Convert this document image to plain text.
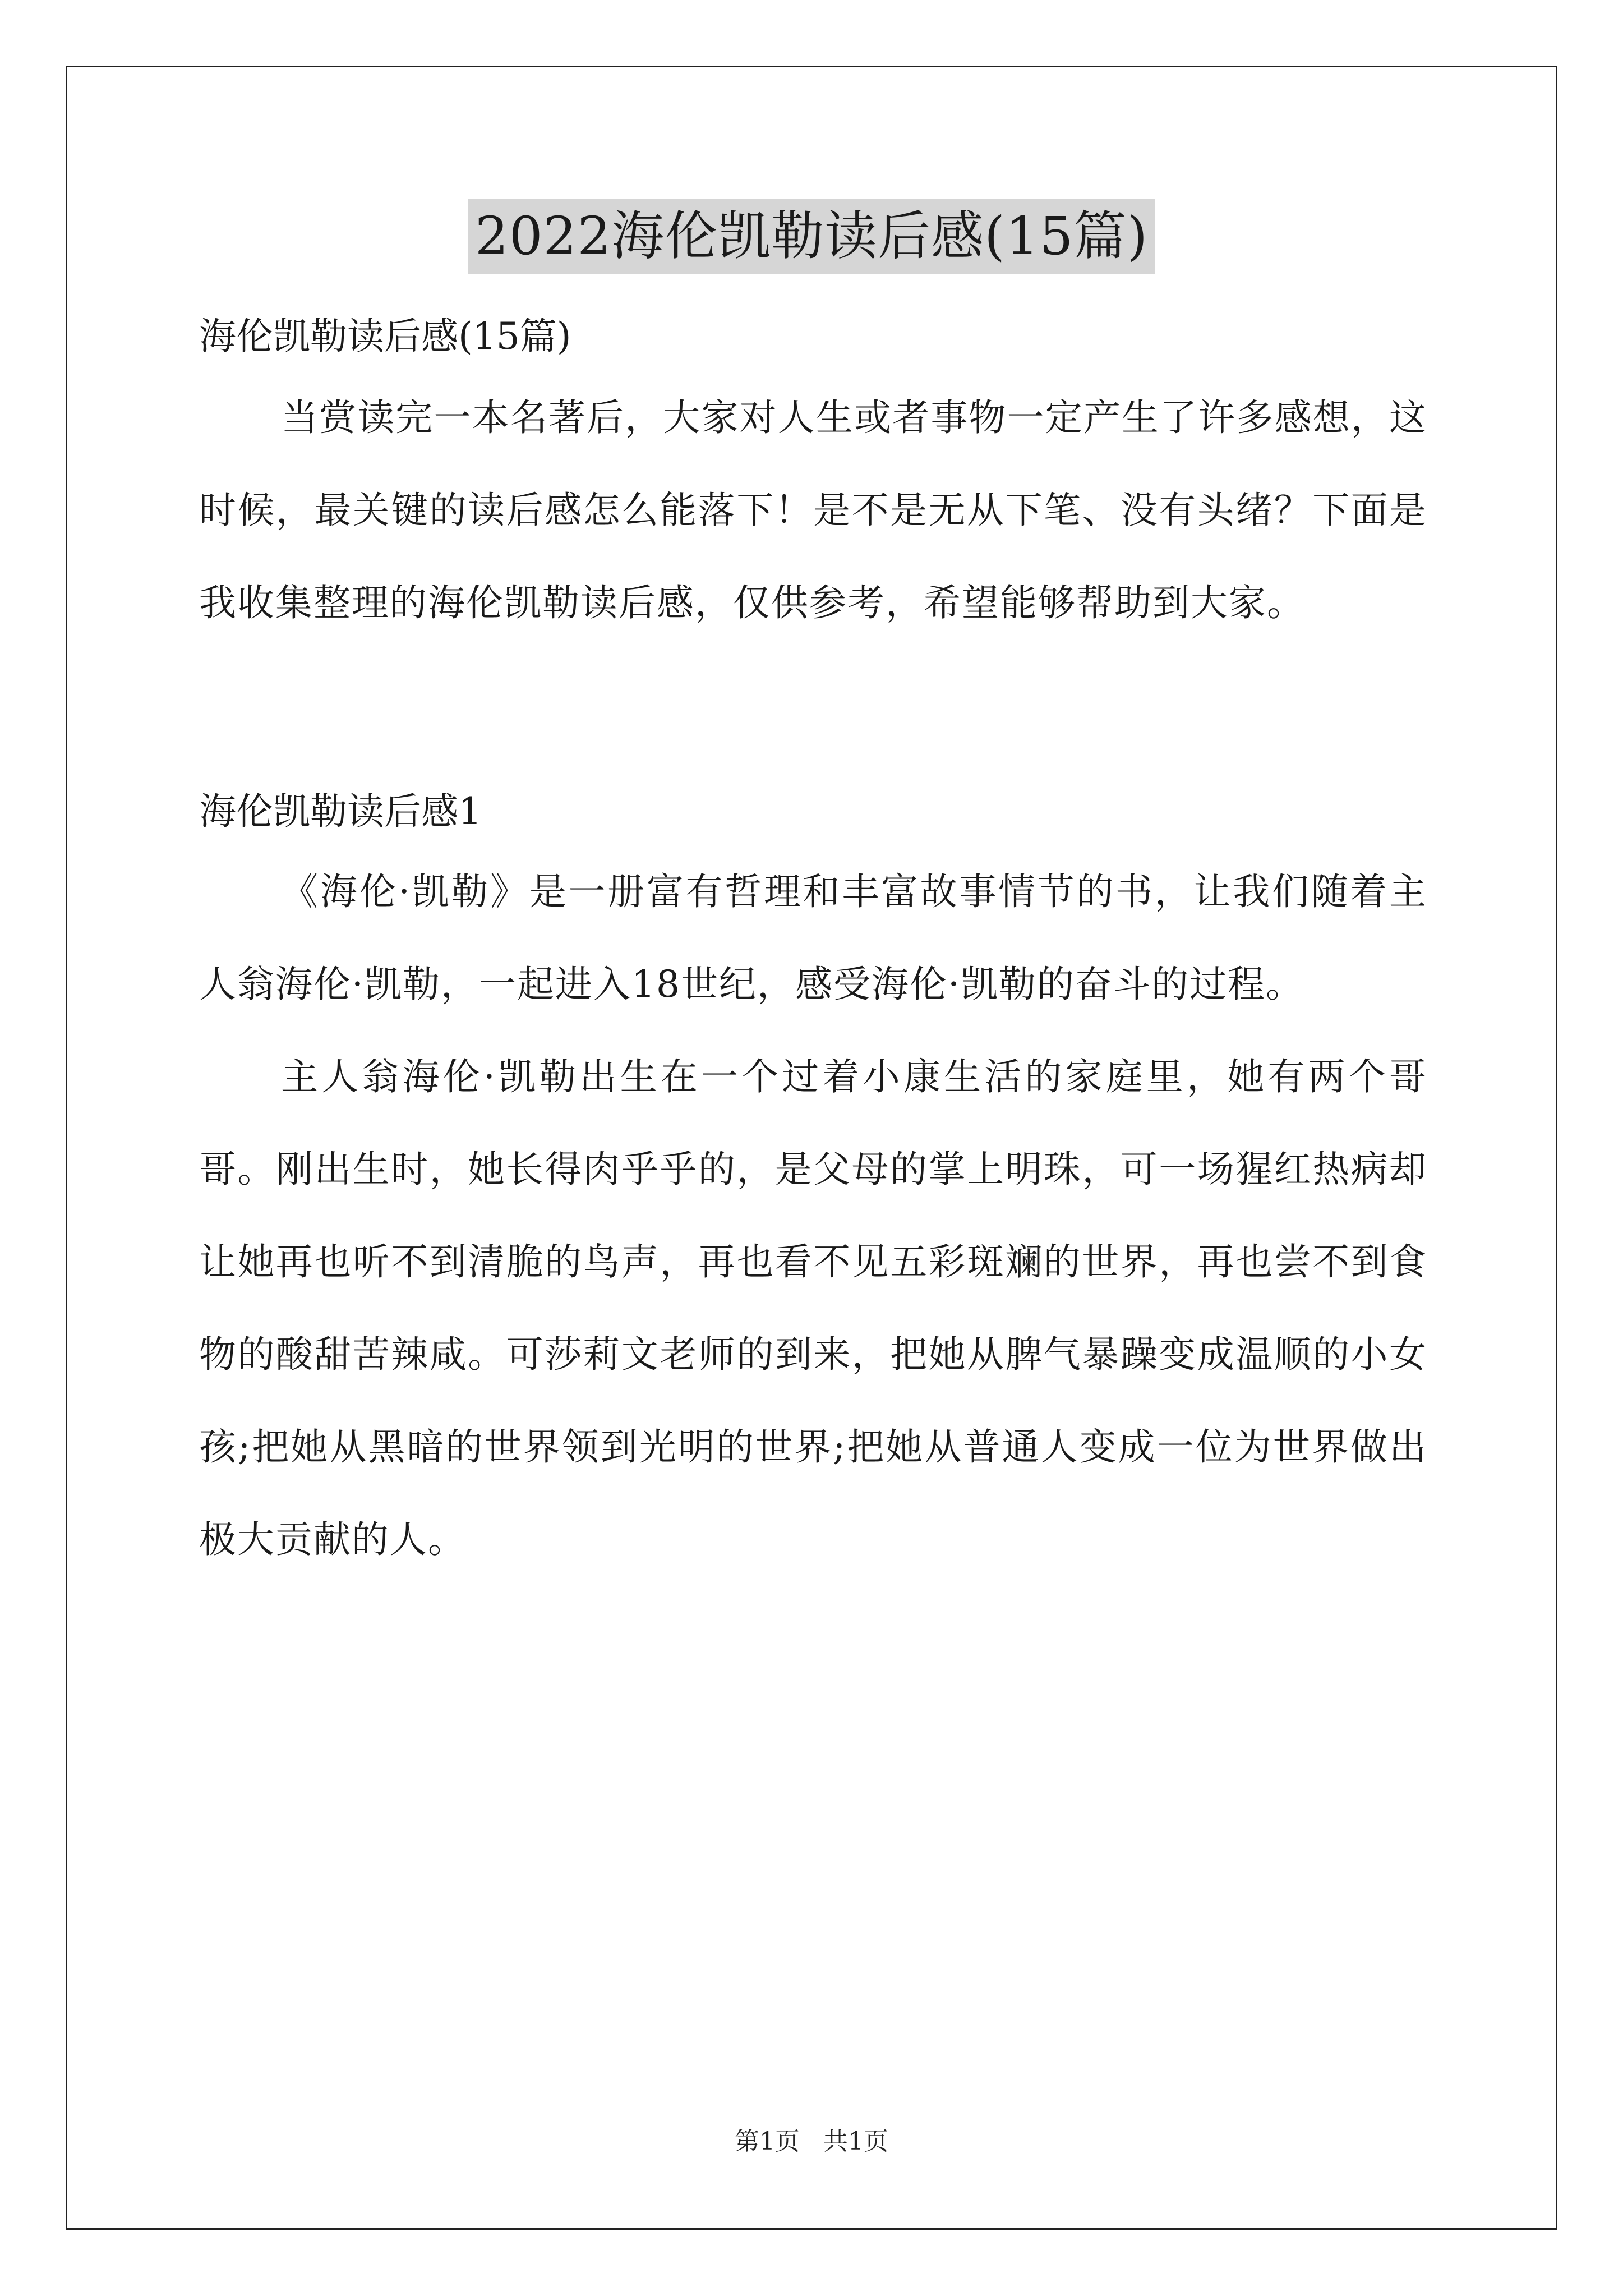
2022海伦凯勒读后感(15篇)

海伦凯勒读后感(15篇)

当赏读完一本名著后，大家对人生或者事物一定产生了许多感想，这时候，最关键的读后感怎么能落下！是不是无从下笔、没有头绪？下面是我收集整理的海伦凯勒读后感，仅供参考，希望能够帮助到大家。

海伦凯勒读后感1

《海伦·凯勒》是一册富有哲理和丰富故事情节的书，让我们随着主人翁海伦·凯勒，一起进入18世纪，感受海伦·凯勒的奋斗的过程。

主人翁海伦·凯勒出生在一个过着小康生活的家庭里，她有两个哥哥。刚出生时，她长得肉乎乎的，是父母的掌上明珠，可一场猩红热病却让她再也听不到清脆的鸟声，再也看不见五彩斑斓的世界，再也尝不到食物的酸甜苦辣咸。可莎莉文老师的到来，把她从脾气暴躁变成温顺的小女孩;把她从黑暗的世界领到光明的世界;把她从普通人变成一位为世界做出极大贡献的人。

第1页 共1页
